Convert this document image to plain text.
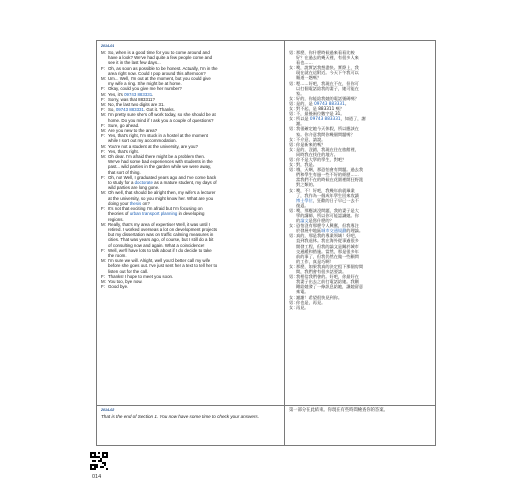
2014-01
M: So, when is a good time for you to come around and
have a look? We've had quite a few people come and
see it in the last few days...
F: Oh, as soon as possible to be honest. Actually, I'm in the
area right now. Could I pop around this afternoon?
M: Um... Well, I'm out at the moment, but you could give
my wife a ring. She might be at home.
F: Okay, could you give me her number?
M: Yes, it's 09743 883331.
F: Sorry, was that 883311?
M: No, the last two digits are 31.
F: So, 09743 883331. Got it. Thanks.
M: I'm pretty sure she's off work today, so she should be at
home. Do you mind if I ask you a couple of questions?
F: Sure, go ahead.
M: Are you new to the area?
F: Yes, that's right, I'm stuck in a hostel at the moment
while I sort out my accommodation.
M: You're not a student at the university, are you?
F: Yes, that's right.
M: Oh dear. I'm afraid there might be a problem then.
We've had some bad experiences with students in the
past... wild parties in the garden while we were away,
that sort of thing.
F: Oh, no! Well, I graduated years ago and I've come back
to study for a doctorate as a mature student, my days of
wild parties are long gone.
M: Oh well, that should be alright then, my wife's a lecturer
at the university, so you might know her. What are you
doing your thesis on?
F: It's not that exciting I'm afraid but I'm focusing on
theories of urban transport planning in developing
regions.
M: Really, that's my area of expertise! Well, it was until I
retired. I worked overseas a lot on development projects
but my dissertation was on traffic calming measures in
cities. That was years ago, of course, but I still do a bit
of consulting now and again. What a coincidence!
F: Well, we'll have lots to talk about if I do decide to take
the room.
M: I'm sure we will. Alright, well you'd better call my wife
before she goes out. I've just sent her a text to tell her to
listen out for the call.
F: Thanks! I hope to meet you soon.
M: You too, bye now.
F: Good bye.
男：
那麼，你什麼時候過來看看比較
好？在過去的幾天裡，有很多人來
看也……
女：
噢，說實話我想盡快。實際上，我
現在就在這附近。今天下午我可以
順道一趟嗎？
男：
嗯……好吧，我現在不在，但你可
以打個電話給我的妻子，她可能在
家。
女：
好的，你能給我她的電話號碼嗎？
男：
是的，是 09743 883331。
女：
對不起，是 883311 嗎？
男：
不，最後兩位數字是 31。
女：
所以是 09743 883331，知道了，謝
謝。
男：
我很確定她今天休假，所以應該在
家。你介意我問你幾個問題嗎？
女：
不介意，請說。
男：
你是新來的嗎？
女：
是的，沒錯，我現在住在旅館裡，
同時我在找住的地方。
男：
你不是大學的學生，對吧？
女：
對，我是。
男：
哦，天啊，那恐怕會有問題。過去我
們和學生有過一些不好的經歷……
當我們不在的時候在花園裡開狂野派
對之類的。
女：
噢，不！好吧，我幾年前就畢業
了，我作為一個成年學生回來攻讀
博士學位，狂歡的日子早已一去不
復返。
男：
噢，那應該沒問題，我的妻子是大
學的講師，所以你可能認識她。你
的論文是寫什麼的？
女：
恐怕沒有那麼令人興奮，但我專注
於發展中地區城市交通規劃的理論。
男：
真的，那是我的專業領域！好吧，
直到我退休。我在海外從事過很多
開發工程，但我的論文是關於城市
交通緩和措施。當然，那是很多年
前的事了，但我仍然在做一些顧問
的工作，真是巧啊！
女：
那麼，如果我真的決定租下那個房間
間，我們會有很多話要談。
男：
我相信我們會的。好吧，你最好在
我妻子出去之前打電話給她。我剛
剛給她發了一條訊息給她，讓她留意
來電。
女：
謝謝！希望很快見到你。
男：
你也是，再見。
女：
再見。
2014-02
That is the end of Section 1. You now have some time to check your answers.
第一部分在此結束。你現在有些時間檢查你的答案。
014
